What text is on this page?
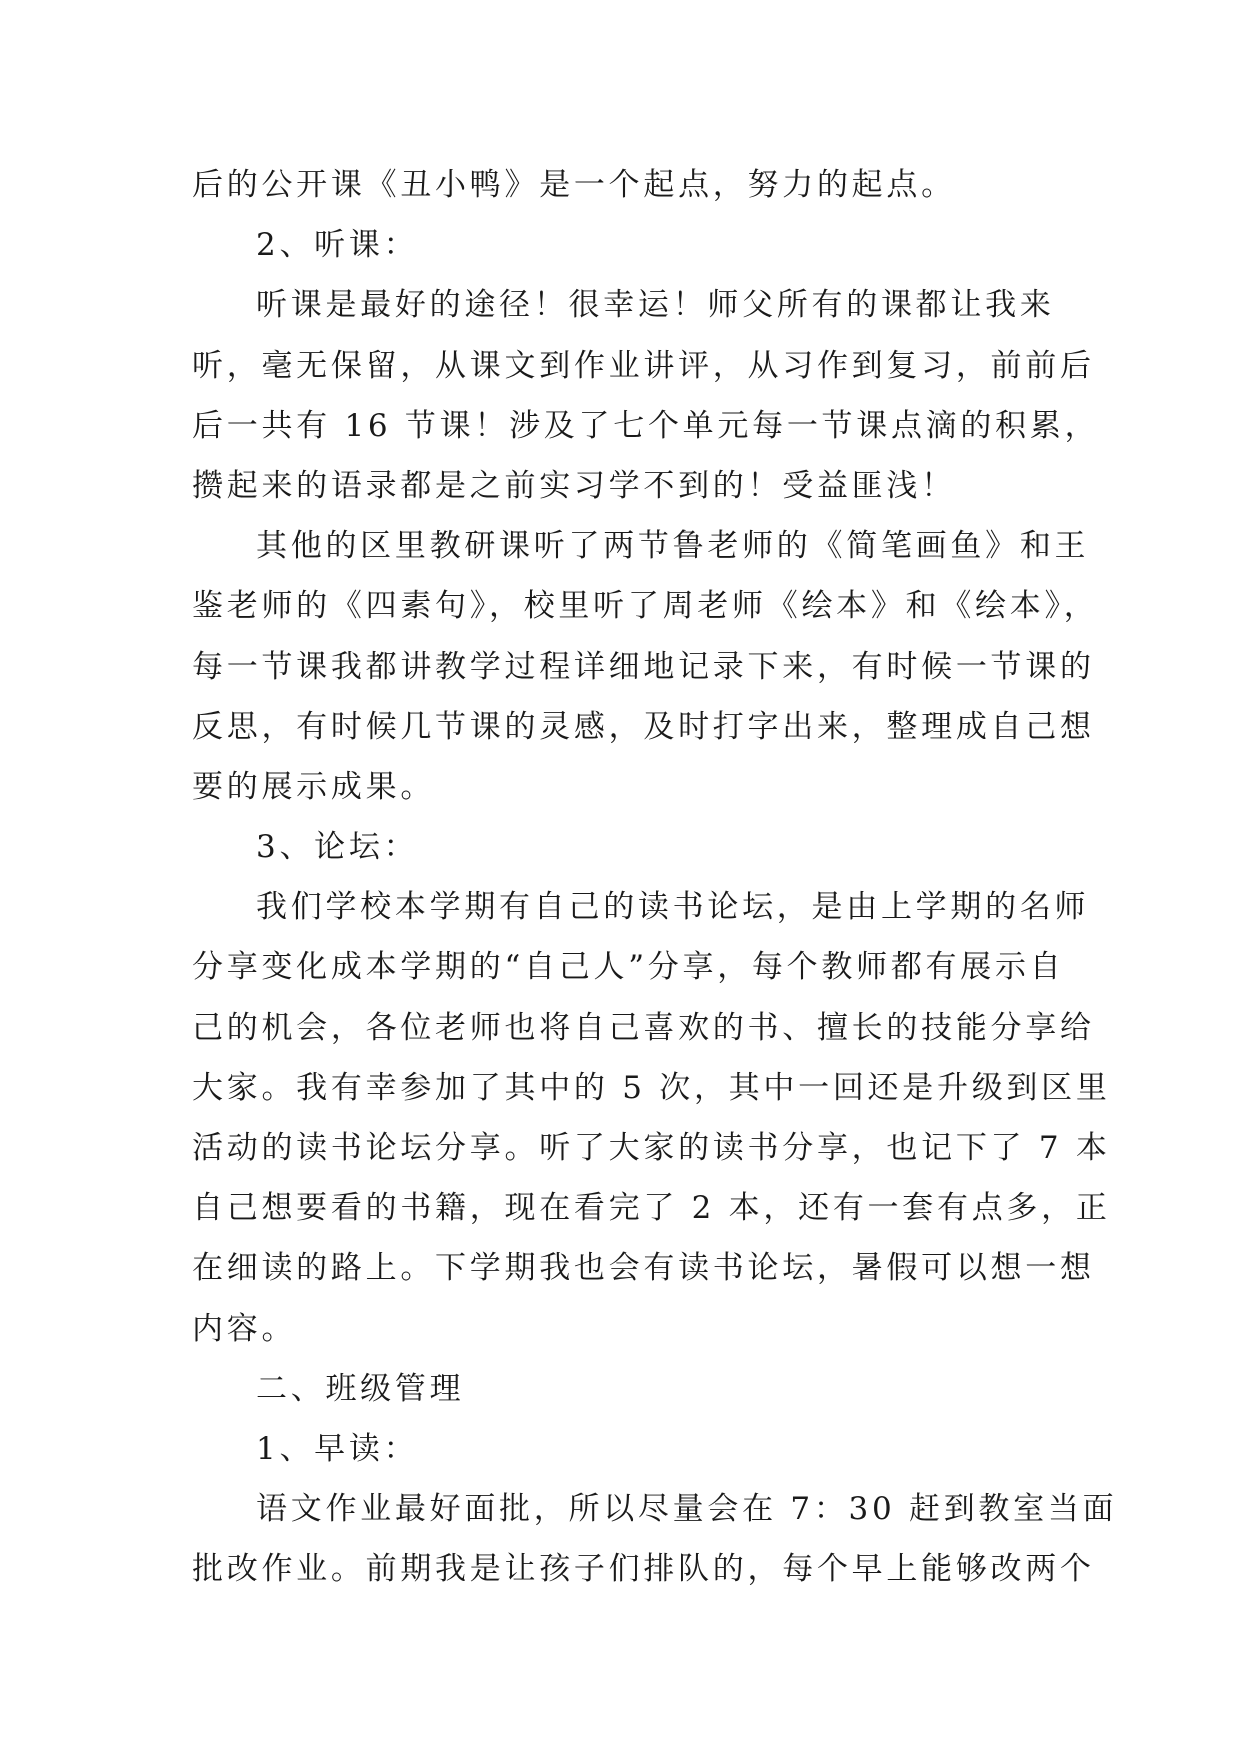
后的公开课《丑小鸭》是一个起点，努力的起点。
2、听课：
听课是最好的途径！很幸运！师父所有的课都让我来
听，毫无保留，从课文到作业讲评，从习作到复习，前前后
后一共有 16 节课！涉及了七个单元每一节课点滴的积累，
攒起来的语录都是之前实习学不到的！受益匪浅！
其他的区里教研课听了两节鲁老师的《简笔画鱼》和王
鉴老师的《四素句》，校里听了周老师《绘本》和《绘本》，
每一节课我都讲教学过程详细地记录下来，有时候一节课的
反思，有时候几节课的灵感，及时打字出来，整理成自己想
要的展示成果。
3、论坛：
我们学校本学期有自己的读书论坛，是由上学期的名师
分享变化成本学期的“自己人”分享，每个教师都有展示自
己的机会，各位老师也将自己喜欢的书、擅长的技能分享给
大家。我有幸参加了其中的 5 次，其中一回还是升级到区里
活动的读书论坛分享。听了大家的读书分享，也记下了 7 本
自己想要看的书籍，现在看完了 2 本，还有一套有点多，正
在细读的路上。下学期我也会有读书论坛，暑假可以想一想
内容。
二、班级管理
1、早读：
语文作业最好面批，所以尽量会在 7：30 赶到教室当面
批改作业。前期我是让孩子们排队的，每个早上能够改两个
